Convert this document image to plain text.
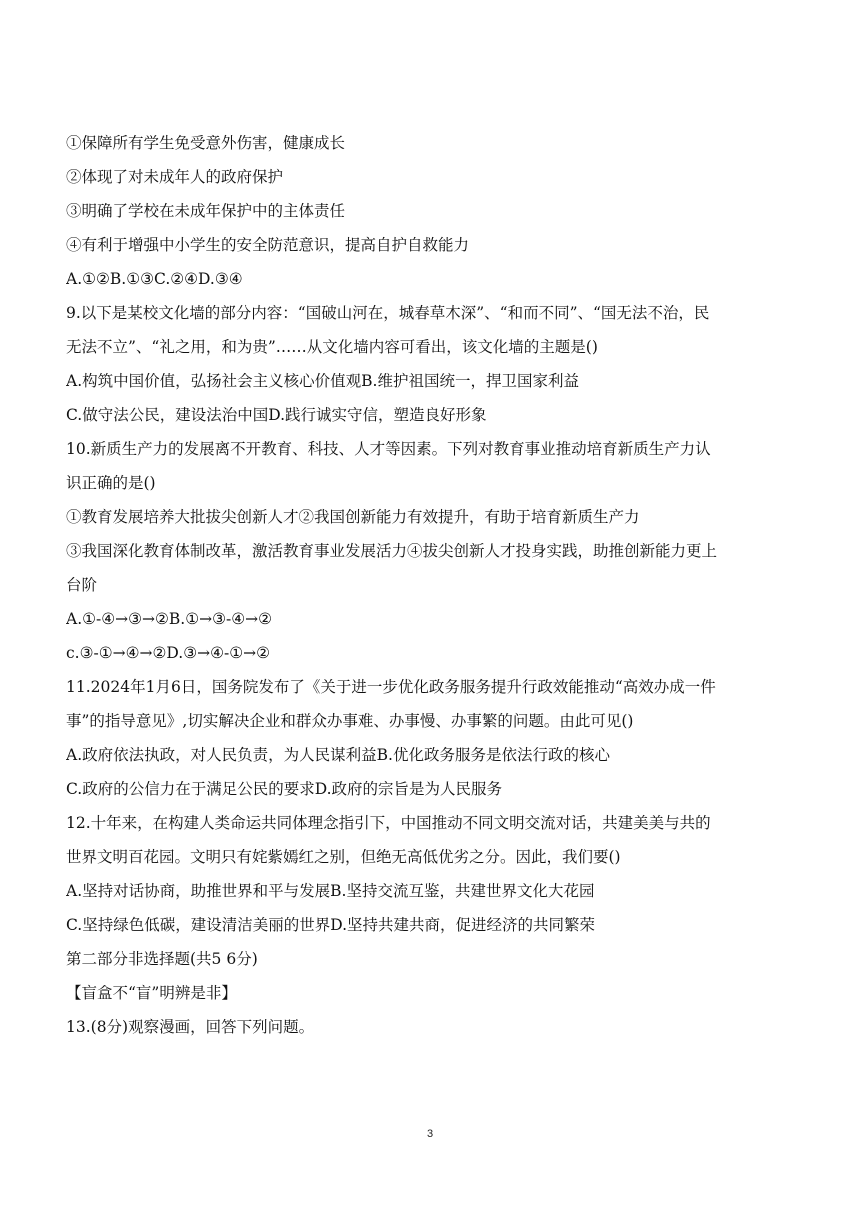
①保障所有学生免受意外伤害，健康成长
②体现了对未成年人的政府保护
③明确了学校在未成年保护中的主体责任
④有利于增强中小学生的安全防范意识，提高自护自救能力
A.①②B.①③C.②④D.③④
9.以下是某校文化墙的部分内容：“国破山河在，城春草木深”、“和而不同”、“国无法不治，民
无法不立”、“礼之用，和为贵”……从文化墙内容可看出，该文化墙的主题是()
A.构筑中国价值，弘扬社会主义核心价值观B.维护祖国统一，捍卫国家利益
C.做守法公民，建设法治中国D.践行诚实守信，塑造良好形象
10.新质生产力的发展离不开教育、科技、人才等因素。下列对教育事业推动培育新质生产力认
识正确的是()
①教育发展培养大批拔尖创新人才②我国创新能力有效提升，有助于培育新质生产力
③我国深化教育体制改革，激活教育事业发展活力④拔尖创新人才投身实践，助推创新能力更上
台阶
A.①-④→③→②B.①→③-④→②
c.③-①→④→②D.③→④-①→②
11.2024年1月6日，国务院发布了《关于进一步优化政务服务提升行政效能推动“高效办成一件
事”的指导意见》,切实解决企业和群众办事难、办事慢、办事繁的问题。由此可见()
A.政府依法执政，对人民负责，为人民谋利益B.优化政务服务是依法行政的核心
C.政府的公信力在于满足公民的要求D.政府的宗旨是为人民服务
12.十年来，在构建人类命运共同体理念指引下，中国推动不同文明交流对话，共建美美与共的
世界文明百花园。文明只有姹紫嫣红之别，但绝无高低优劣之分。因此，我们要()
A.坚持对话协商，助推世界和平与发展B.坚持交流互鉴，共建世界文化大花园
C.坚持绿色低碳，建设清洁美丽的世界D.坚持共建共商，促进经济的共同繁荣
第二部分非选择题(共5 6分)
【盲盒不“盲”明辨是非】
13.(8分)观察漫画，回答下列问题。
3
